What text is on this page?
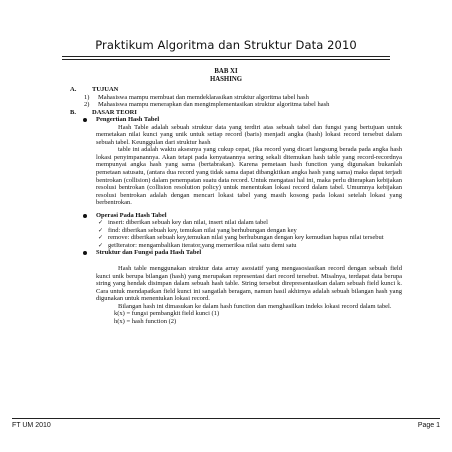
Praktikum Algoritma dan Struktur Data 2010
BAB XI
HASHING
A. TUJUAN
1) Mahasiswa mampu membuat dan memdeklarasikan struktur algoritma tabel hash
2) Mahasiswa mampu menerapkan dan mengimplementasikan struktur algoritma tabel hash
B. DASAR TEORI
Pengertian Hash Tabel
Hash Table adalah sebuah struktur data yang terdiri atas sebuah tabel dan fungsi yang bertujuan untuk memetakan nilai kunci yang unik untuk setiap record (baris) menjadi angka (hash) lokasi record tersebut dalam sebuah tabel. Keunggulan dari struktur hash
table ini adalah waktu aksesnya yang cukup cepat, jika record yang dicari langsung berada pada angka hash lokasi penyimpanannya. Akan tetapi pada kenyataannya sering sekali ditemukan hash table yang record-recordnya mempunyai angka hash yang sama (bertabrakan). Karena pemetaan hash function yang digunakan bukanlah pemetaan satusatu, (antara dua record yang tidak sama dapat dibangkitkan angka hash yang sama) maka dapat terjadi bentrokan (collision) dalam penempatan suatu data record. Untuk mengatasi hal ini, maka perlu diterapkan kebijakan resolusi bentrokan (collision resolution policy) untuk menentukan lokasi record dalam tabel. Umumnya kebijakan resolusi bentrokan adalah dengan mencari lokasi tabel yang masih kosong pada lokasi setelah lokasi yang berbentrokan.
Operasi Pada Hash Tabel
✓ insert: diberikan sebuah key dan nilai, insert nilai dalam tabel
✓ find: diberikan sebuah key, temukan nilai yang berhubungan dengan key
✓ remove: diberikan sebuah key,temukan nilai yang berhubungan dengan key kemudian hapus nilai tersebut
✓ getIterator: mengambalikan iterator,yang memeriksa nilai satu demi satu
Struktur dan Fungsi pada Hash Tabel
Hash table menggunakan struktur data array asosiatif yang mengasosiasikan record dengan sebuah field kunci unik berupa bilangan (hash) yang merupakan representasi dari record tersebut. Misalnya, terdapat data berupa string yang hendak disimpan dalam sebuah hash table. String tersebut direpresentasikan dalam sebuah field kunci k. Cara untuk mendapatkan field kunci ini sangatlah beragam, namun hasil akhirnya adalah sebuah bilangan hash yang digunakan untuk menentukan lokasi record.
Bilangan hash ini dimasukan ke dalam hash function dan menghasilkan indeks lokasi record dalam tabel.
k(x) = fungsi pembangkit field kunci (1)
h(x) = hash function (2)
FT UM 2010	Page 1
